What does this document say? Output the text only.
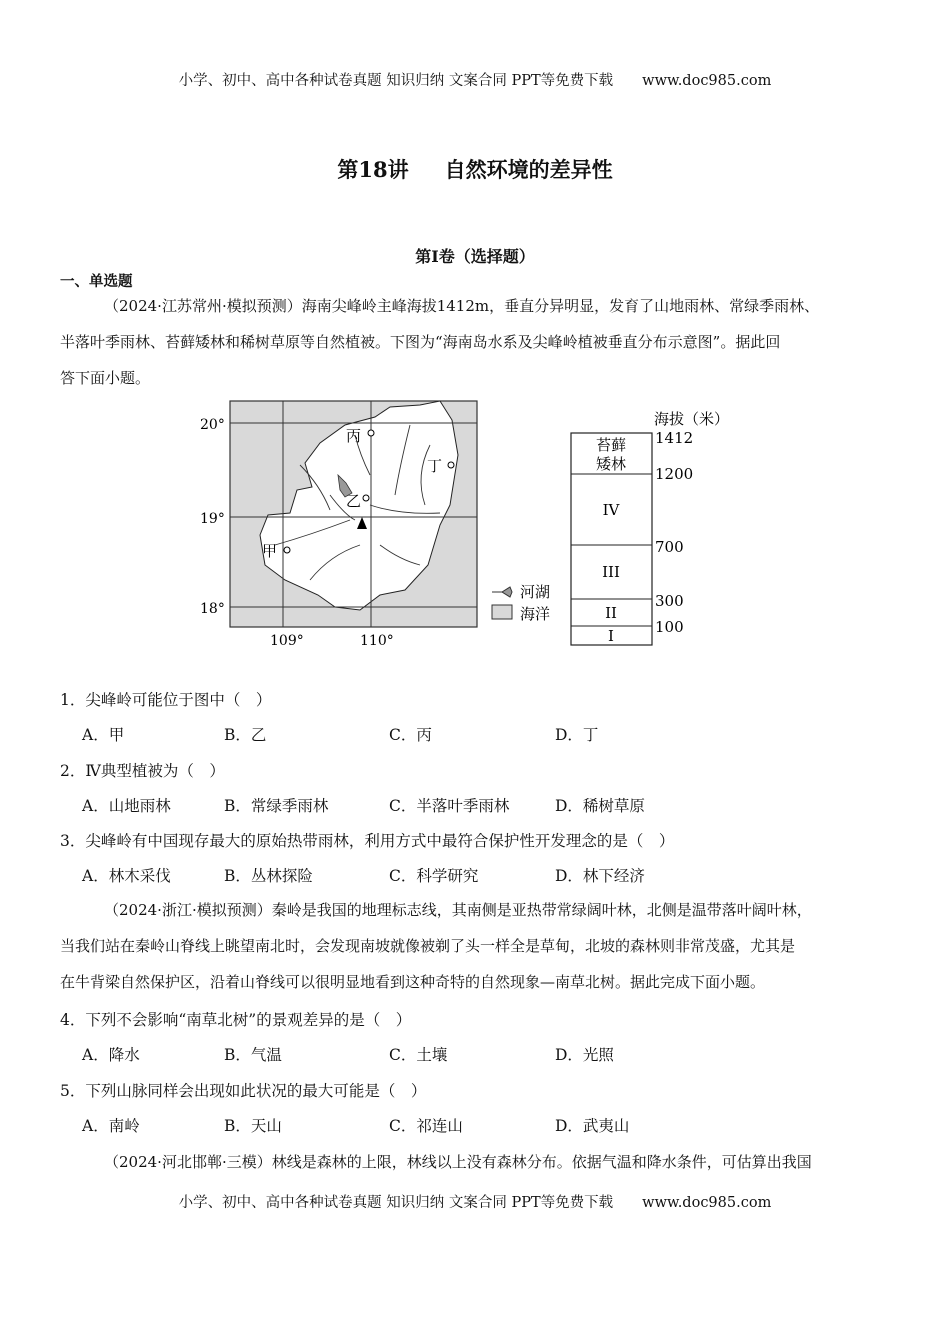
小学、初中、高中各种试卷真题 知识归纳 文案合同 PPT等免费下载　　www.doc985.com
第18讲 自然环境的差异性
第I卷（选择题）
一、单选题
（2024·江苏常州·模拟预测）海南尖峰岭主峰海拔1412m，垂直分异明显，发育了山地雨林、常绿季雨林、
半落叶季雨林、苔藓矮林和稀树草原等自然植被。下图为“海南岛水系及尖峰岭植被垂直分布示意图”。据此回
答下面小题。
20°
19°
18°
109°	110°
丙
丁
乙
甲
河湖
海洋
海拔（米）
苔藓
矮林
IV
III
II
I
1412
1200
700
300
100
（2024·浙江·模拟预测）秦岭是我国的地理标志线，其南侧是亚热带常绿阔叶林，北侧是温带落叶阔叶林，
当我们站在秦岭山脊线上眺望南北时，会发现南坡就像被剃了头一样全是草甸，北坡的森林则非常茂盛，尤其是
在牛背梁自然保护区，沿着山脊线可以很明显地看到这种奇特的自然现象—南草北树。据此完成下面小题。
（2024·河北邯郸·三模）林线是森林的上限，林线以上没有森林分布。依据气温和降水条件，可估算出我国
小学、初中、高中各种试卷真题 知识归纳 文案合同 PPT等免费下载　　www.doc985.com
1．尖峰岭可能位于图中（　）
A．甲	B．乙	C．丙	D．丁
2．Ⅳ典型植被为（　）
A．山地雨林	B．常绿季雨林	C．半落叶季雨林	D．稀树草原
3．尖峰岭有中国现存最大的原始热带雨林，利用方式中最符合保护性开发理念的是（　）
A．林木采伐	B．丛林探险	C．科学研究	D．林下经济
4．下列不会影响“南草北树”的景观差异的是（　）
A．降水	B．气温	C．土壤	D．光照
5．下列山脉同样会出现如此状况的最大可能是（　）
A．南岭	B．天山	C．祁连山	D．武夷山
